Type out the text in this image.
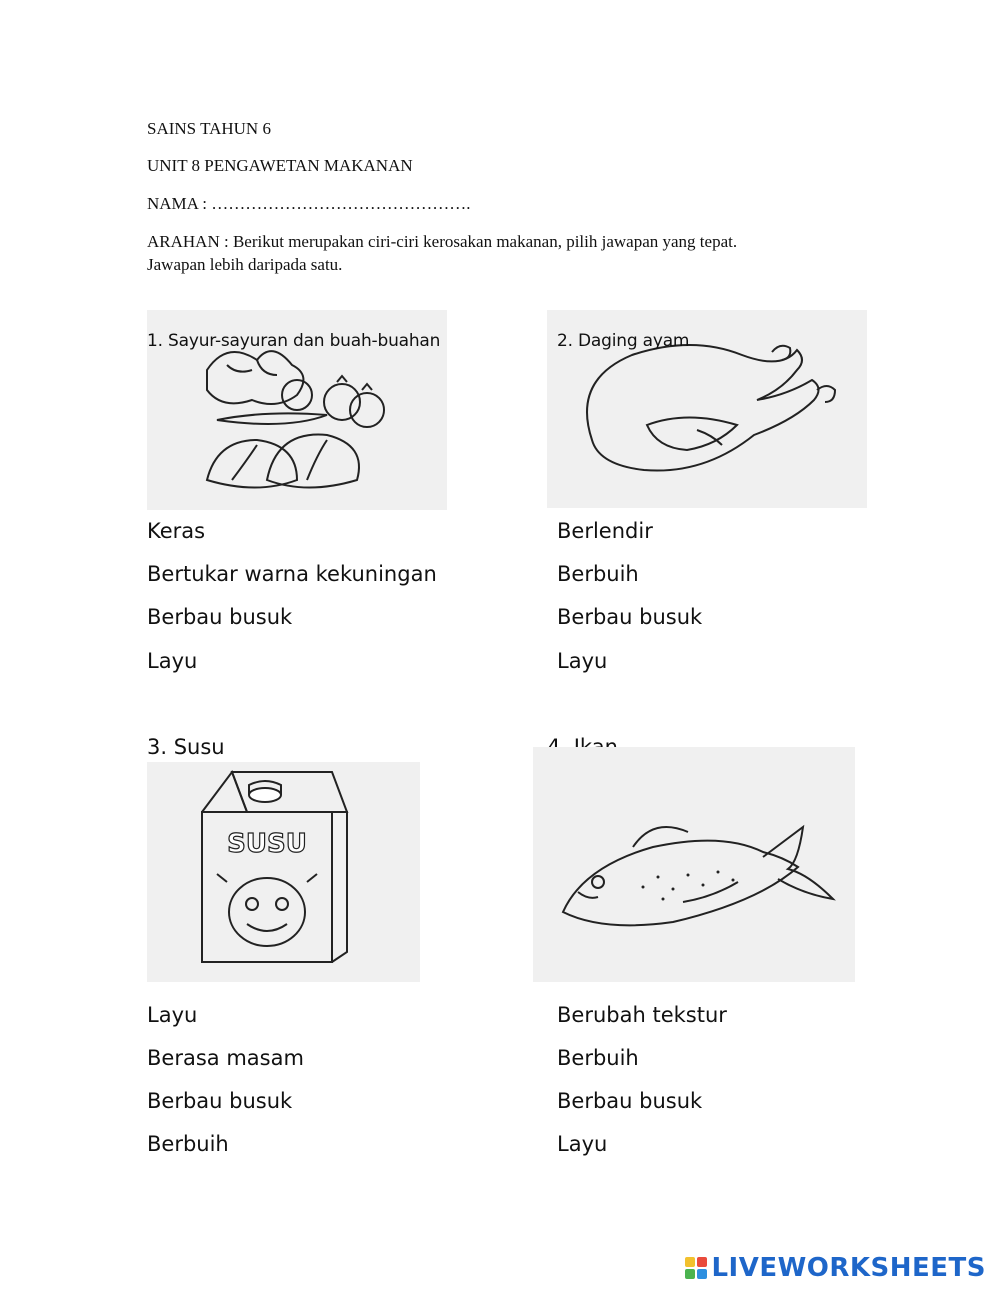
SAINS TAHUN 6
UNIT 8 PENGAWETAN MAKANAN
NAMA : ……………………………………….
ARAHAN : Berikut merupakan ciri-ciri kerosakan makanan, pilih jawapan yang tepat.
Jawapan lebih daripada satu.
1. Sayur-sayuran dan buah-buahan	2. Daging ayam
Keras
Bertukar warna kekuningan
Berbau busuk
Layu
Berlendir
Berbuih
Berbau busuk
Layu
3. Susu
SUSU
Layu
Berasa masam
Berbau busuk
Berbuih
Berubah tekstur
Berbuih
Berbau busuk
Layu
LIVEWORKSHEETS
